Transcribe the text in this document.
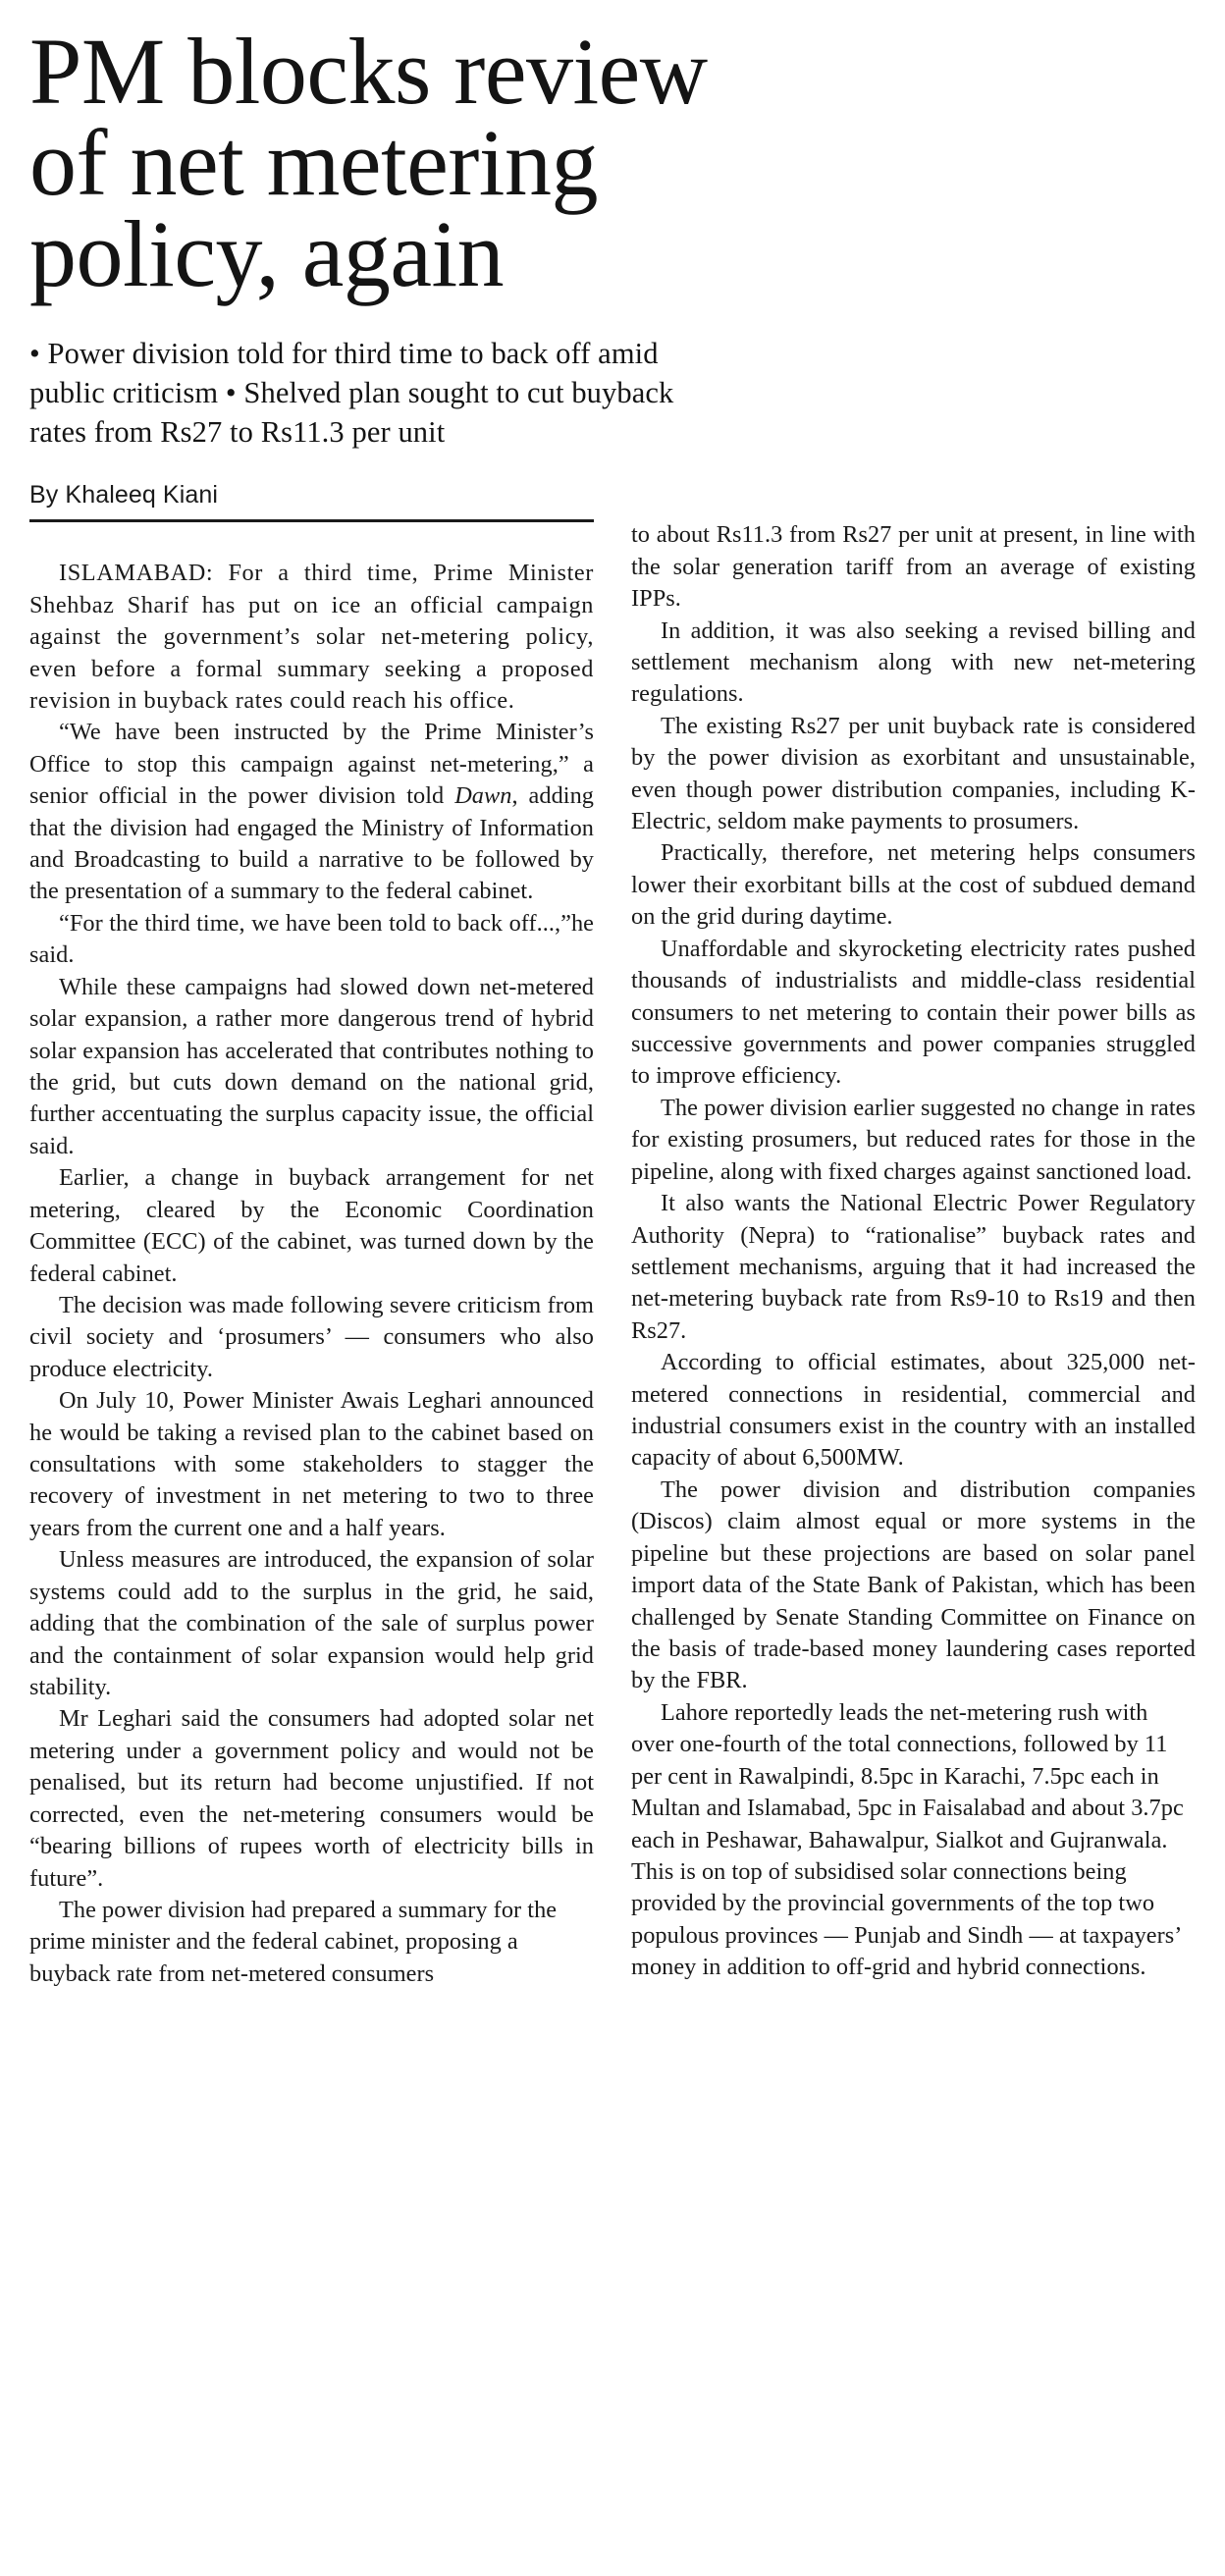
PM blocks review
of net metering
policy, again
• Power division told for third time to back off amid
public criticism • Shelved plan sought to cut buyback
rates from Rs27 to Rs11.3 per unit
By Khaleeq Kiani

ISLAMABAD: For a third time, Prime Minister Shehbaz Sharif has put on ice an official campaign against the government’s solar net-metering policy, even before a formal summary seeking a proposed revision in buyback rates could reach his office.

“We have been instructed by the Prime Minister’s Office to stop this campaign against net-metering,” a senior official in the power division told Dawn, adding that the division had engaged the Ministry of Information and Broadcasting to build a narrative to be followed by the presentation of a summary to the federal cabinet.

“For the third time, we have been told to back off...,”he said.

While these campaigns had slowed down net-metered solar expansion, a rather more dangerous trend of hybrid solar expansion has accelerated that contributes nothing to the grid, but cuts down demand on the national grid, further accentuating the surplus capacity issue, the official said.

Earlier, a change in buyback arrangement for net metering, cleared by the Economic Coordination Committee (ECC) of the cabinet, was turned down by the federal cabinet.

The decision was made following severe criticism from civil society and ‘prosumers’ — consumers who also produce electricity.

On July 10, Power Minister Awais Leghari announced he would be taking a revised plan to the cabinet based on consultations with some stakeholders to stagger the recovery of investment in net metering to two to three years from the current one and a half years.

Unless measures are introduced, the expansion of solar systems could add to the surplus in the grid, he said, adding that the combination of the sale of surplus power and the containment of solar expansion would help grid stability.

Mr Leghari said the consumers had adopted solar net metering under a government policy and would not be penalised, but its return had become unjustified. If not corrected, even the net-metering consumers would be “bearing billions of rupees worth of electricity bills in future”.

The power division had prepared a summary for the prime minister and the federal cabinet, proposing a buyback rate from net-metered consumers

to about Rs11.3 from Rs27 per unit at present, in line with the solar generation tariff from an average of existing IPPs.

In addition, it was also seeking a revised billing and settlement mechanism along with new net-metering regulations.

The existing Rs27 per unit buyback rate is considered by the power division as exorbitant and unsustainable, even though power distribution companies, including K-Electric, seldom make payments to prosumers.

Practically, therefore, net metering helps consumers lower their exorbitant bills at the cost of subdued demand on the grid during daytime.

Unaffordable and skyrocketing electricity rates pushed thousands of industrialists and middle-class residential consumers to net metering to contain their power bills as successive governments and power companies struggled to improve efficiency.

The power division earlier suggested no change in rates for existing prosumers, but reduced rates for those in the pipeline, along with fixed charges against sanctioned load.

It also wants the National Electric Power Regulatory Authority (Nepra) to “rationalise” buyback rates and settlement mechanisms, arguing that it had increased the net-metering buyback rate from Rs9-10 to Rs19 and then Rs27.

According to official estimates, about 325,000 net-metered connections in residential, commercial and industrial consumers exist in the country with an installed capacity of about 6,500MW.

The power division and distribution companies (Discos) claim almost equal or more systems in the pipeline but these projections are based on solar panel import data of the State Bank of Pakistan, which has been challenged by Senate Standing Committee on Finance on the basis of trade-based money laundering cases reported by the FBR.

Lahore reportedly leads the net-metering rush with over one-fourth of the total connections, followed by 11 per cent in Rawalpindi, 8.5pc in Karachi, 7.5pc each in Multan and Islamabad, 5pc in Faisalabad and about 3.7pc each in Peshawar, Bahawalpur, Sialkot and Gujranwala. This is on top of subsidised solar connections being provided by the provincial governments of the top two populous provinces — Punjab and Sindh — at taxpayers’ money in addition to off-grid and hybrid connections.
